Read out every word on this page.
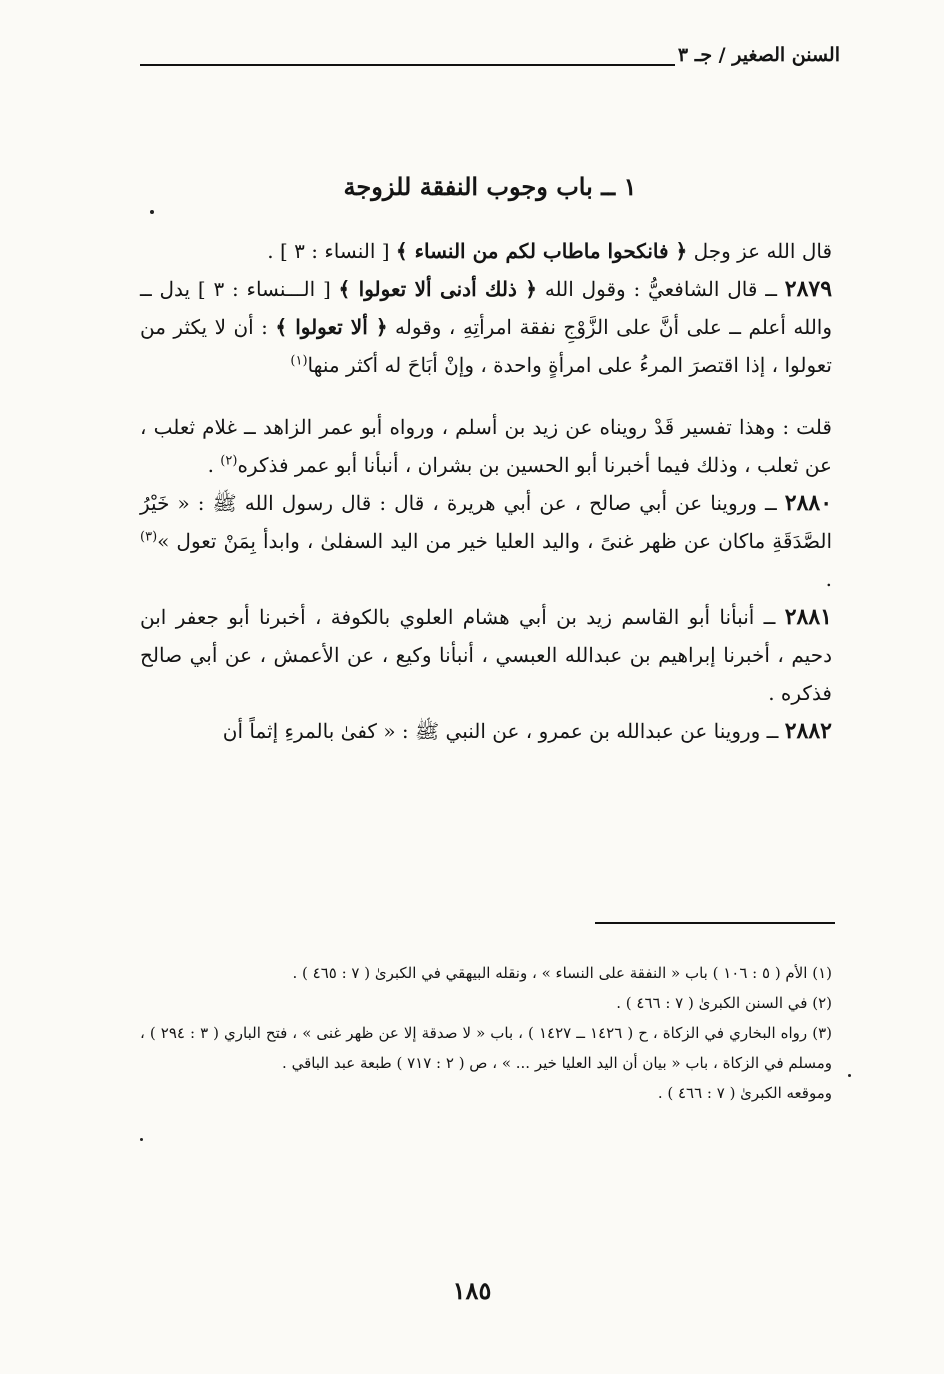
السنن الصغير / جـ ٣
١ ــ باب وجوب النفقة للزوجة

قال الله عز وجل ﴿ فانكحوا ماطاب لكم من النساء ﴾ [ النساء : ٣ ] .

٢٨٧٩ ــ قال الشافعيُّ : وقول الله ﴿ ذلك أدنى ألا تعولوا ﴾ [ الـــنساء : ٣ ] يدل ــ والله أعلم ــ على أنَّ على الزَّوْجِ نفقة امرأتِهِ ، وقوله ﴿ ألا تعولوا ﴾ : أن لا يكثر من تعولوا ، إذا اقتصرَ المرءُ على امرأةٍ واحدة ، وإنْ أبَاحَ له أكثر منها$^{(١)}$

قلت : وهذا تفسير قَدْ رويناه عن زيد بن أسلم ، ورواه أبو عمر الزاهد ــ غلام ثعلب ، عن ثعلب ، وذلك فيما أخبرنا أبو الحسين بن بشران ، أنبأنا أبو عمر فذكره$^{(٢)}$ .

٢٨٨٠ ــ وروينا عن أبي صالح ، عن أبي هريرة ، قال : قال رسول الله ﷺ : « خَيْرُ الصَّدَقَةِ ماكان عن ظهر غنىً ، واليد العليا خير من اليد السفلىٰ ، وابدأ بِمَنْ تعول »$^{(٣)}$ .

٢٨٨١ ــ أنبأنا أبو القاسم زيد بن أبي هشام العلوي بالكوفة ، أخبرنا أبو جعفر ابن دحيم ، أخبرنا إبراهيم بن عبدالله العبسي ، أنبأنا وكيع ، عن الأعمش ، عن أبي صالح فذكره .

٢٨٨٢ ــ وروينا عن عبدالله بن عمرو ، عن النبي ﷺ : « كفىٰ بالمرءِ إثماً أن

(١) الأم ( ٥ : ١٠٦ ) باب « النفقة على النساء » ، ونقله البيهقي في الكبرىٰ ( ٧ : ٤٦٥ ) .

(٢) في السنن الكبرىٰ ( ٧ : ٤٦٦ ) .

(٣) رواه البخاري في الزكاة ، ح ( ١٤٢٦ ــ ١٤٢٧ ) ، باب « لا صدقة إلا عن ظهر غنى » ، فتح الباري ( ٣ : ٢٩٤ ) ، ومسلم في الزكاة ، باب « بيان أن اليد العليا خير ... » ، ص ( ٢ : ٧١٧ ) طبعة عبد الباقي .

وموقعه الكبرىٰ ( ٧ : ٤٦٦ ) .

١٨٥
